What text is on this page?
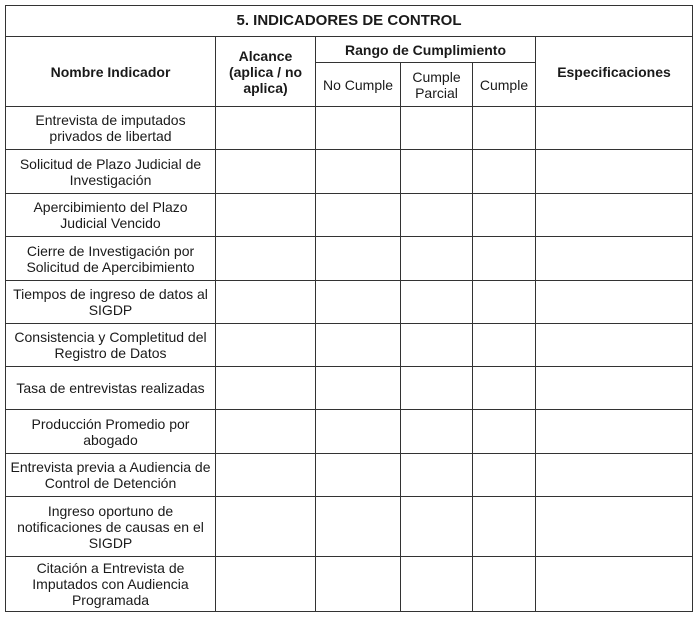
5. INDICADORES DE CONTROL					
Nombre Indicador	Alcance (aplica / no aplica)	Rango de Cumplimiento			Especificaciones
		No Cumple	Cumple Parcial	Cumple	
Entrevista de imputados privados de libertad					
Solicitud de Plazo Judicial de Investigación					
Apercibimiento del Plazo Judicial Vencido					
Cierre de Investigación por Solicitud de Apercibimiento					
Tiempos de ingreso de datos al SIGDP					
Consistencia y Completitud del Registro de Datos					
Tasa de entrevistas realizadas					
Producción Promedio por abogado					
Entrevista previa a Audiencia de Control de Detención					
Ingreso oportuno de notificaciones de causas en el SIGDP					
Citación a Entrevista de Imputados con Audiencia Programada					
